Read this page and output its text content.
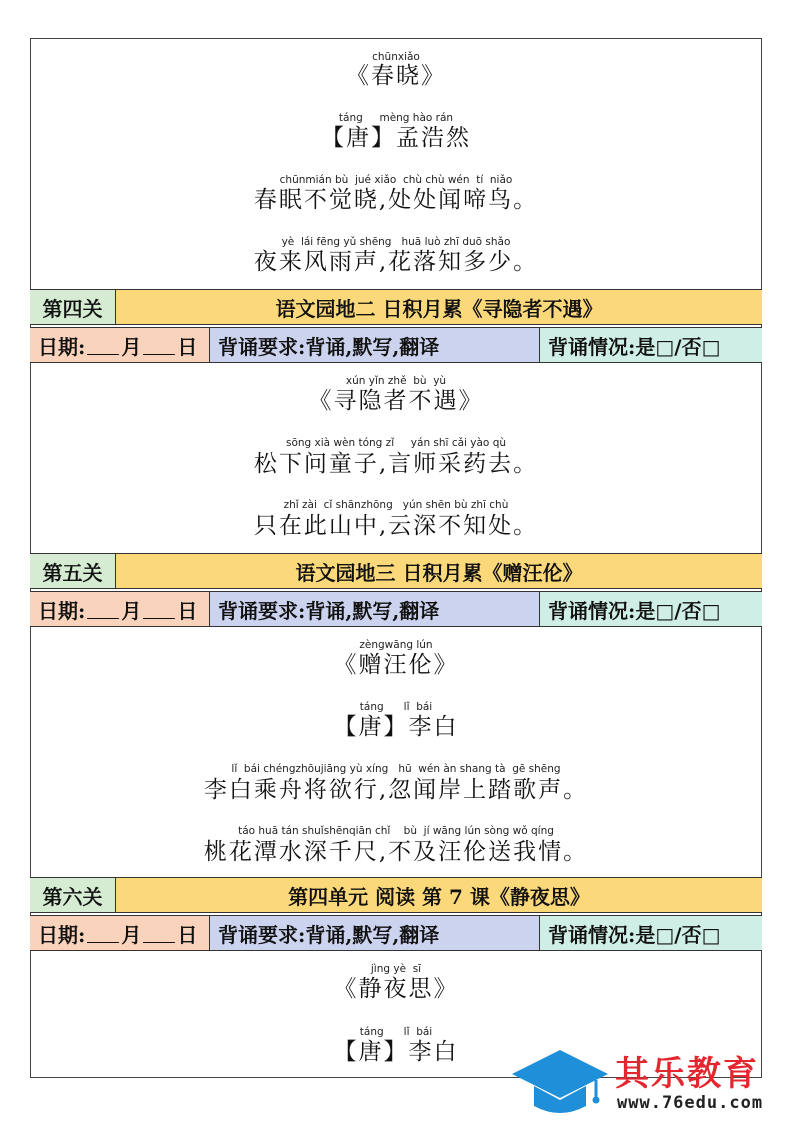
chūnxiǎo
《春晓》
táng     mèng hào rán
【唐】孟浩然
chūnmián bù  jué xiǎo  chù chù wén  tí  niǎo
春眠不觉晓,处处闻啼鸟。
yè  lái fēng yǔ shēng   huā luò zhī duō shǎo
夜来风雨声,花落知多少。
第四关	语文园地二 日积月累《寻隐者不遇》
日期: 月 日	背诵要求:背诵,默写,翻译	背诵情况:是□/否□
xún yǐn zhě  bù  yù
《寻隐者不遇》
sōng xià wèn tóng zǐ     yán shī cǎi yào qù
松下问童子,言师采药去。
zhǐ zài  cǐ shānzhōng   yún shēn bù zhī chù
只在此山中,云深不知处。
第五关	语文园地三 日积月累《赠汪伦》
日期: 月 日	背诵要求:背诵,默写,翻译	背诵情况:是□/否□
zèngwāng lún
《赠汪伦》
táng      lǐ  bái
【唐】李白
lǐ  bái chéngzhōujiāng yù xíng   hū  wén àn shang tà  gē shēng
李白乘舟将欲行,忽闻岸上踏歌声。
táo huā tán shuǐshēnqiān chǐ    bù  jí wāng lún sòng wǒ qíng
桃花潭水深千尺,不及汪伦送我情。
第六关	第四单元 阅读 第 7 课《静夜思》
日期: 月 日	背诵要求:背诵,默写,翻译	背诵情况:是□/否□
jìng yè  sī
《静夜思》
táng      lǐ  bái
【唐】李白
其乐教育
www.76edu.com
